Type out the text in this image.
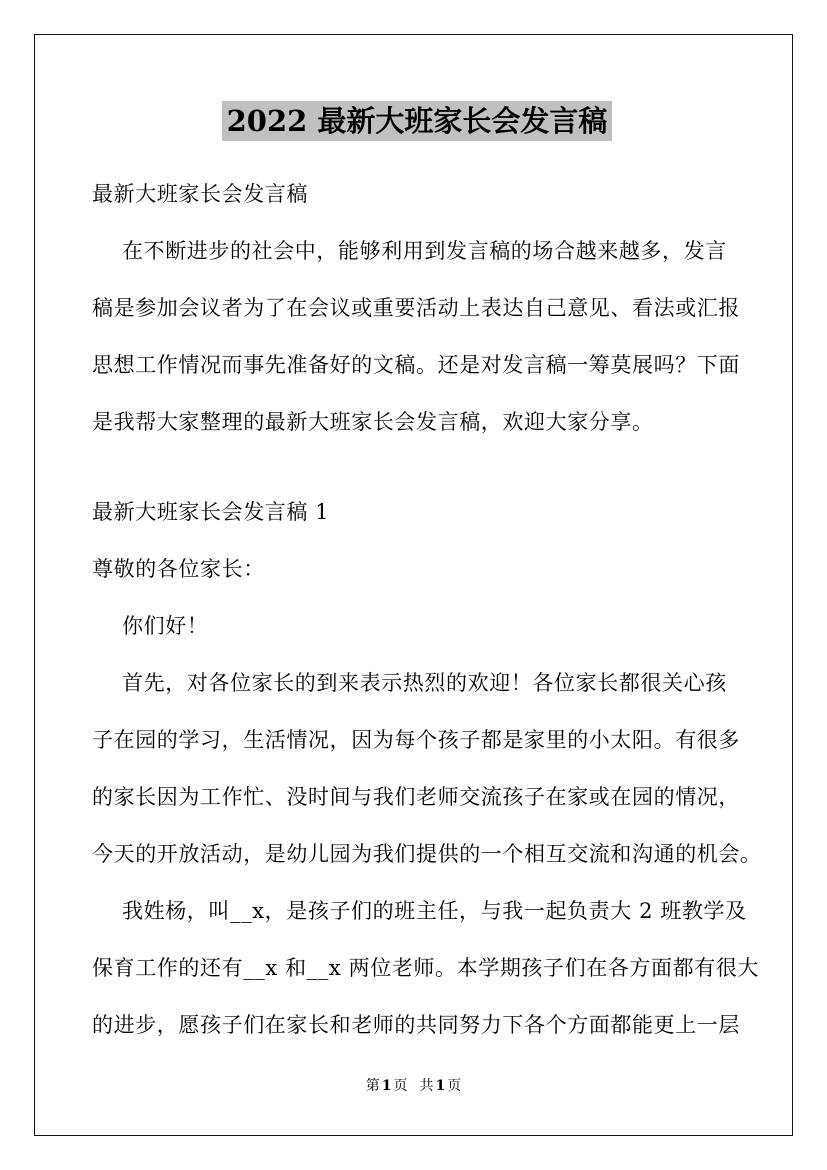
2022 最新大班家长会发言稿
最新大班家长会发言稿
在不断进步的社会中，能够利用到发言稿的场合越来越多，发言
稿是参加会议者为了在会议或重要活动上表达自己意见、看法或汇报
思想工作情况而事先准备好的文稿。还是对发言稿一筹莫展吗？下面
是我帮大家整理的最新大班家长会发言稿，欢迎大家分享。
最新大班家长会发言稿 1
尊敬的各位家长：
你们好！
首先，对各位家长的到来表示热烈的欢迎！各位家长都很关心孩
子在园的学习，生活情况，因为每个孩子都是家里的小太阳。有很多
的家长因为工作忙、没时间与我们老师交流孩子在家或在园的情况，
今天的开放活动，是幼儿园为我们提供的一个相互交流和沟通的机会。
我姓杨，叫__x，是孩子们的班主任，与我一起负责大 2 班教学及
保育工作的还有__x 和__x 两位老师。本学期孩子们在各方面都有很大
的进步，愿孩子们在家长和老师的共同努力下各个方面都能更上一层
第 1 页 共 1 页
